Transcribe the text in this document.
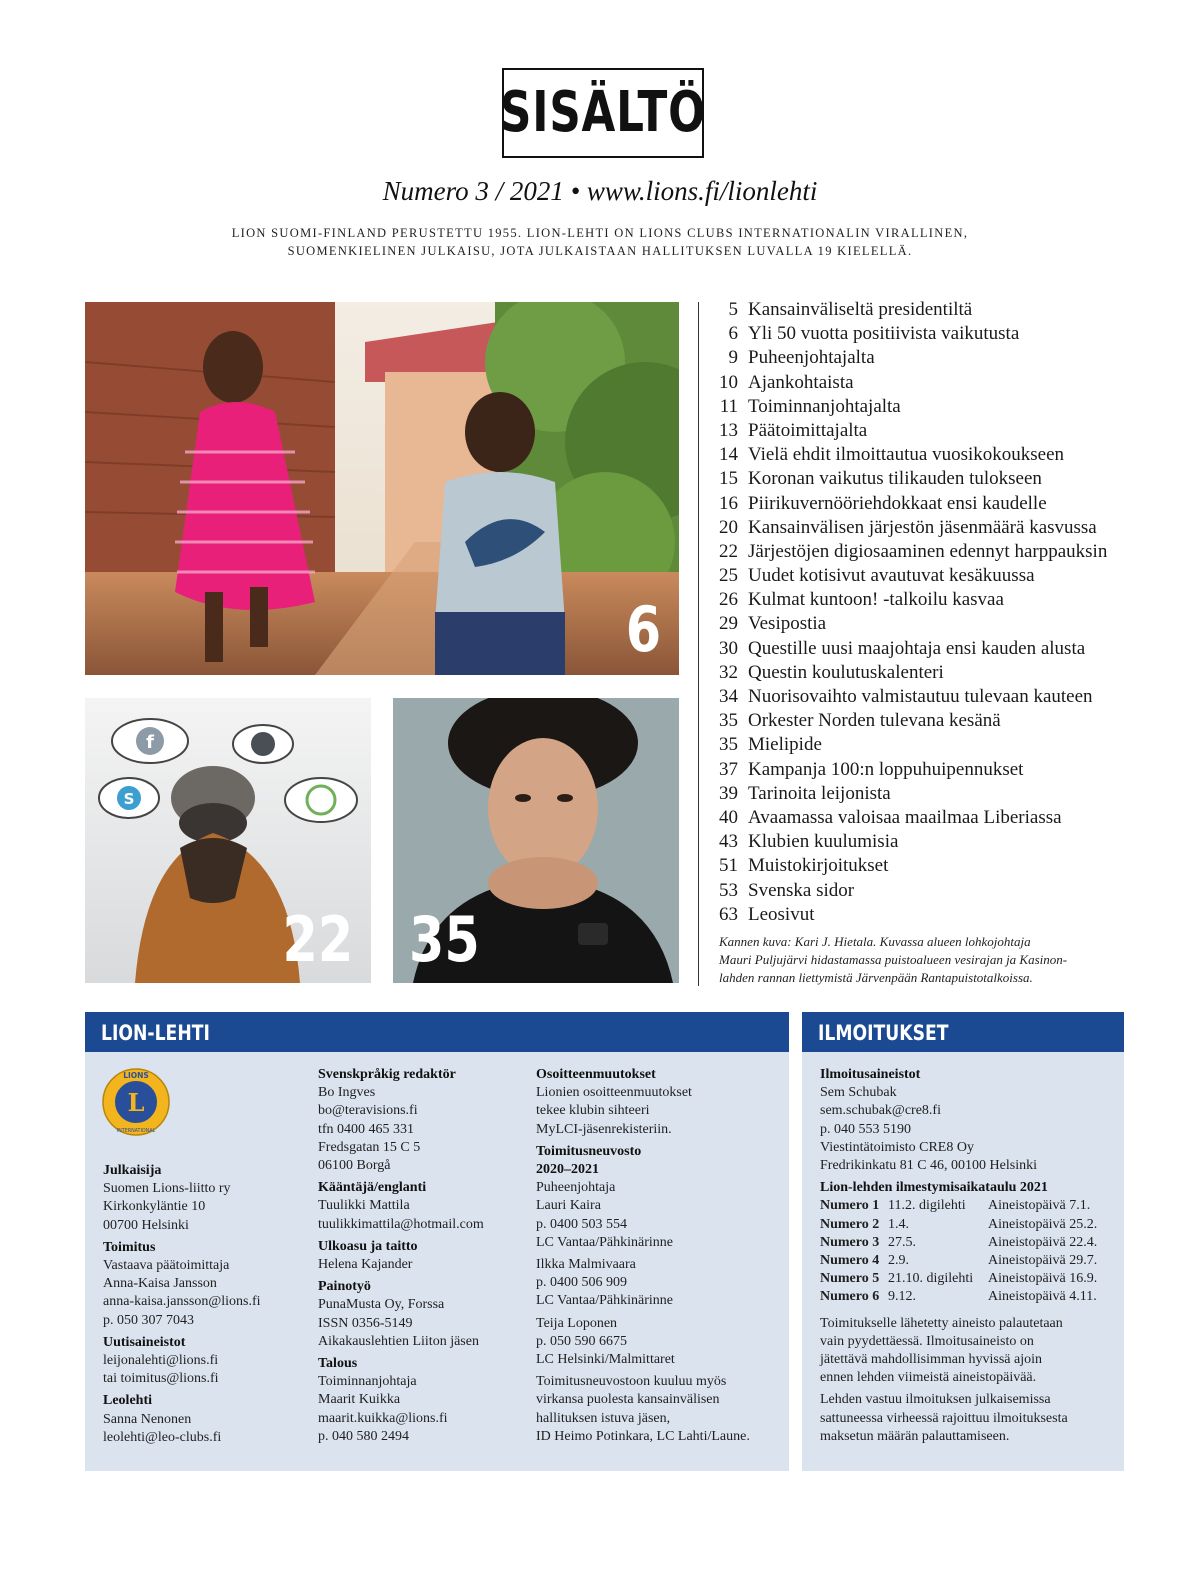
SISÄLTÖ
Numero 3 / 2021 • www.lions.fi/lionlehti
LION SUOMI-FINLAND PERUSTETTU 1955. LION-LEHTI ON LIONS CLUBS INTERNATIONALIN VIRALLINEN,
SUOMENKIELINEN JULKAISU, JOTA JULKAISTAAN HALLITUKSEN LUVALLA 19 KIELELLÄ.
6
f
S
22 35
5 Kansainväliseltä presidentiltä
6 Yli 50 vuotta positiivista vaikutusta
9 Puheenjohtajalta
10 Ajankohtaista
11 Toiminnanjohtajalta
13 Päätoimittajalta
14 Vielä ehdit ilmoittautua vuosikokoukseen
15 Koronan vaikutus tilikauden tulokseen
16 Piirikuvernööriehdokkaat ensi kaudelle
20 Kansainvälisen järjestön jäsenmäärä kasvussa
22 Järjestöjen digiosaaminen edennyt harppauksin
25 Uudet kotisivut avautuvat kesäkuussa
26 Kulmat kuntoon! -talkoilu kasvaa
29 Vesipostia
30 Questille uusi maajohtaja ensi kauden alusta
32 Questin koulutuskalenteri
34 Nuorisovaihto valmistautuu tulevaan kauteen
35 Orkester Norden tulevana kesänä
35 Mielipide
37 Kampanja 100:n loppuhuipennukset
39 Tarinoita leijonista
40 Avaamassa valoisaa maailmaa Liberiassa
43 Klubien kuulumisia
51 Muistokirjoitukset
53 Svenska sidor
63 Leosivut
Kannen kuva: Kari J. Hietala. Kuvassa alueen lohkojohtaja
Mauri Puljujärvi hidastamassa puistoalueen vesirajan ja Kasinon-
lahden rannan liettymistä Järvenpään Rantapuistotalkoissa.
LION-LEHTI
L
LIONS
INTERNATIONAL
Julkaisija
Suomen Lions-liitto ry
Kirkonkyläntie 10
00700 Helsinki
Toimitus
Vastaava päätoimittaja
Anna-Kaisa Jansson
anna-kaisa.jansson@lions.fi
p. 050 307 7043
Uutisaineistot
leijonalehti@lions.fi
tai toimitus@lions.fi
Leolehti
Sanna Nenonen
leolehti@leo-clubs.fi
Svenskpråkig redaktör
Bo Ingves
bo@teravisions.fi
tfn 0400 465 331
Fredsgatan 15 C 5
06100 Borgå
Kääntäjä/englanti
Tuulikki Mattila
tuulikkimattila@hotmail.com
Ulkoasu ja taitto
Helena Kajander
Painotyö
PunaMusta Oy, Forssa
ISSN 0356-5149
Aikakauslehtien Liiton jäsen
Talous
Toiminnanjohtaja
Maarit Kuikka
maarit.kuikka@lions.fi
p. 040 580 2494
Osoitteenmuutokset
Lionien osoitteenmuutokset
tekee klubin sihteeri
MyLCI-jäsenrekisteriin.
Toimitusneuvosto
2020–2021
Puheenjohtaja
Lauri Kaira
p. 0400 503 554
LC Vantaa/Pähkinärinne
Ilkka Malmivaara
p. 0400 506 909
LC Vantaa/Pähkinärinne
Teija Loponen
p. 050 590 6675
LC Helsinki/Malmittaret
Toimitusneuvostoon kuuluu myös
virkansa puolesta kansainvälisen
hallituksen istuva jäsen,
ID Heimo Potinkara, LC Lahti/Laune.
ILMOITUKSET
Ilmoitusaineistot
Sem Schubak
sem.schubak@cre8.fi
p. 040 553 5190
Viestintätoimisto CRE8 Oy
Fredrikinkatu 81 C 46, 00100 Helsinki
Lion-lehden ilmestymisaikataulu 2021
Numero 1	11.2. digilehti	Aineistopäivä 7.1.
Numero 2	1.4.	Aineistopäivä 25.2.
Numero 3	27.5.	Aineistopäivä 22.4.
Numero 4	2.9.	Aineistopäivä 29.7.
Numero 5	21.10. digilehti	Aineistopäivä 16.9.
Numero 6	9.12.	Aineistopäivä 4.11.
Toimitukselle lähetetty aineisto palautetaan
vain pyydettäessä. Ilmoitusaineisto on
jätettävä mahdollisimman hyvissä ajoin
ennen lehden viimeistä aineistopäivää.
Lehden vastuu ilmoituksen julkaisemissa
sattuneessa virheessä rajoittuu ilmoituksesta
maksetun määrän palauttamiseen.
